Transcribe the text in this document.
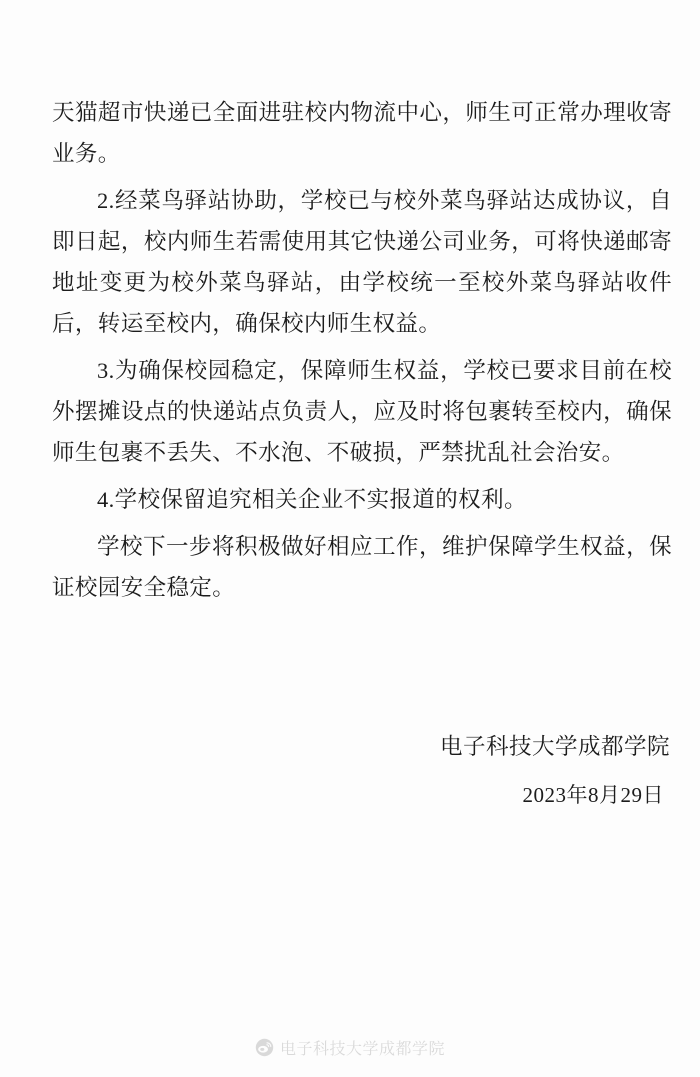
天猫超市快递已全面进驻校内物流中心，师生可正常办理收寄业务。

2.经菜鸟驿站协助，学校已与校外菜鸟驿站达成协议，自即日起，校内师生若需使用其它快递公司业务，可将快递邮寄地址变更为校外菜鸟驿站，由学校统一至校外菜鸟驿站收件后，转运至校内，确保校内师生权益。

3.为确保校园稳定，保障师生权益，学校已要求目前在校外摆摊设点的快递站点负责人，应及时将包裹转至校内，确保师生包裹不丢失、不水泡、不破损，严禁扰乱社会治安。

4.学校保留追究相关企业不实报道的权利。

学校下一步将积极做好相应工作，维护保障学生权益，保证校园安全稳定。

电子科技大学成都学院

2023年8月29日

电子科技大学成都学院
